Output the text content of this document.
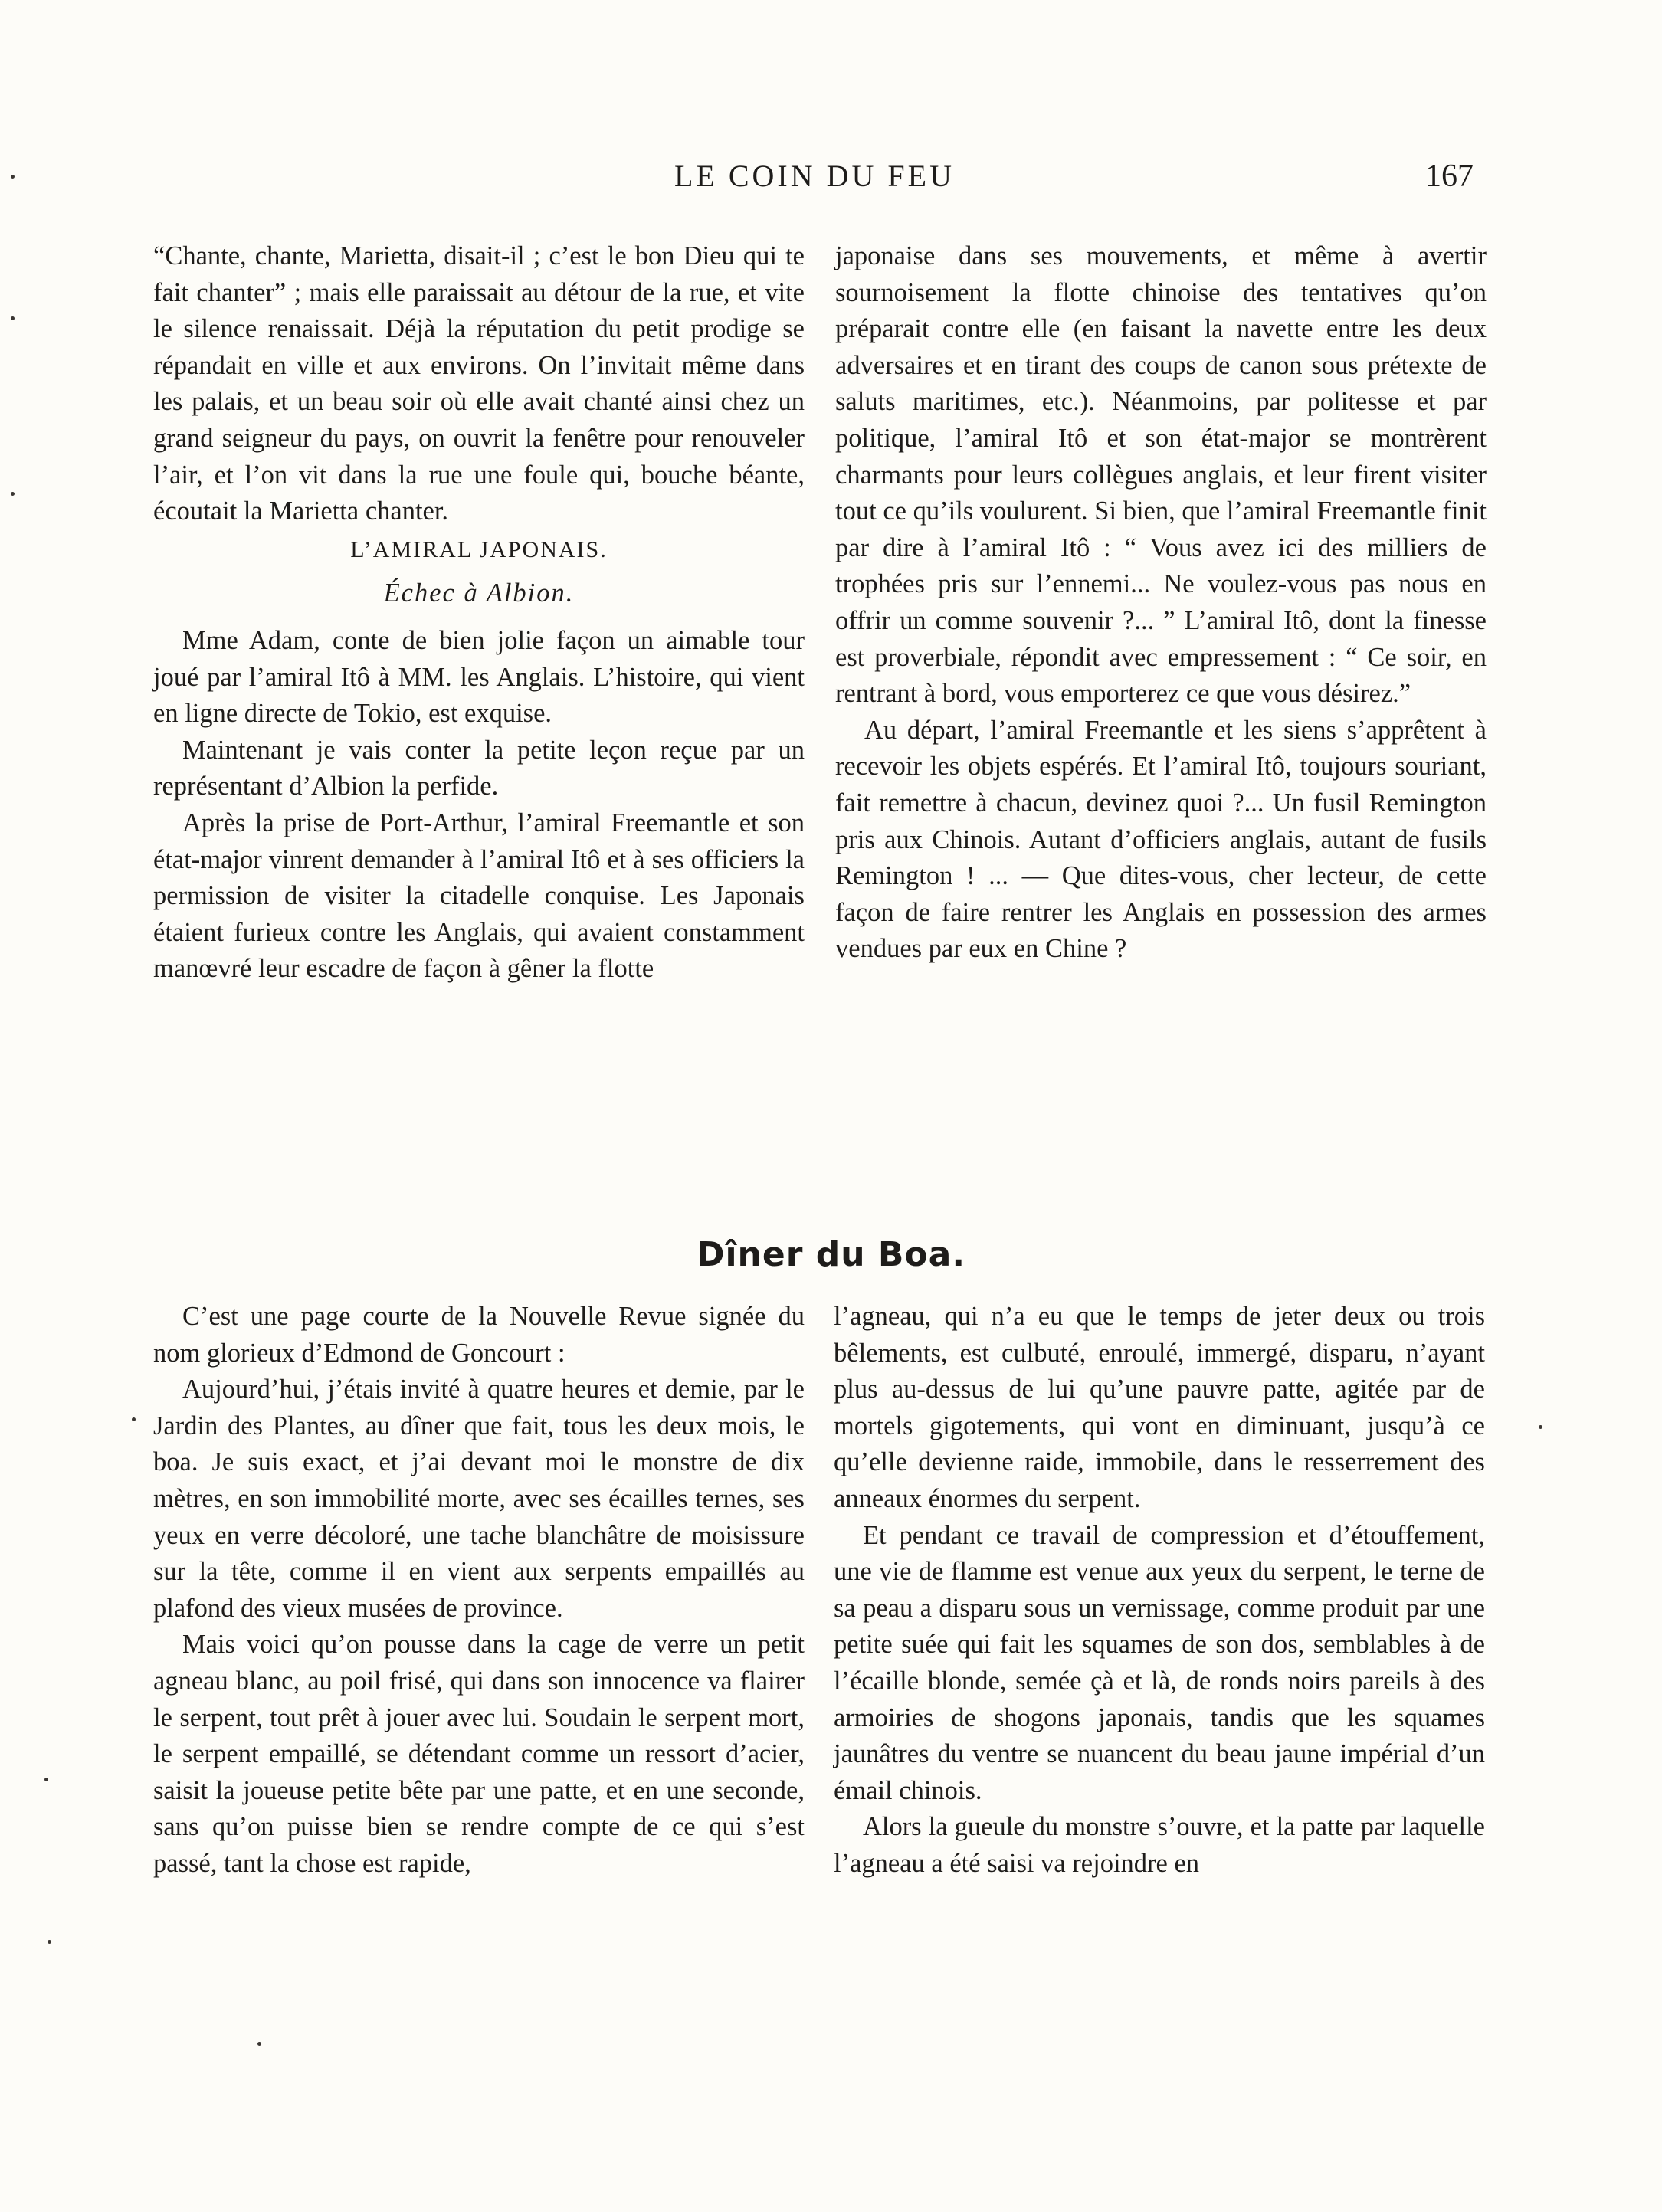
LE COIN DU FEU	167

“Chante, chante, Marietta, disait-il ; c’est le bon Dieu qui te fait chanter” ; mais elle paraissait au détour de la rue, et vite le silence renaissait. Déjà la réputation du petit prodige se répandait en ville et aux environs. On l’invitait même dans les palais, et un beau soir où elle avait chanté ainsi chez un grand seigneur du pays, on ouvrit la fenêtre pour renouveler l’air, et l’on vit dans la rue une foule qui, bouche béante, écoutait la Marietta chanter.

L’AMIRAL JAPONAIS.
Échec à Albion.

Mme Adam, conte de bien jolie façon un aimable tour joué par l’amiral Itô à MM. les Anglais. L’histoire, qui vient en ligne directe de Tokio, est exquise.

Maintenant je vais conter la petite leçon reçue par un représentant d’Albion la perfide.

Après la prise de Port-Arthur, l’amiral Freemantle et son état-major vinrent demander à l’amiral Itô et à ses officiers la permission de visiter la citadelle conquise. Les Japonais étaient furieux contre les Anglais, qui avaient constamment manœvré leur escadre de façon à gêner la flotte

japonaise dans ses mouvements, et même à avertir sournoisement la flotte chinoise des tentatives qu’on préparait contre elle (en faisant la navette entre les deux adversaires et en tirant des coups de canon sous prétexte de saluts maritimes, etc.). Néanmoins, par politesse et par politique, l’amiral Itô et son état-major se montrèrent charmants pour leurs collègues anglais, et leur firent visiter tout ce qu’ils voulurent. Si bien, que l’amiral Freemantle finit par dire à l’amiral Itô : “ Vous avez ici des milliers de trophées pris sur l’ennemi... Ne voulez-vous pas nous en offrir un comme souvenir ?... ” L’amiral Itô, dont la finesse est proverbiale, répondit avec empressement : “ Ce soir, en rentrant à bord, vous emporterez ce que vous désirez.”

Au départ, l’amiral Freemantle et les siens s’apprêtent à recevoir les objets espérés. Et l’amiral Itô, toujours souriant, fait remettre à chacun, devinez quoi ?... Un fusil Remington pris aux Chinois. Autant d’officiers anglais, autant de fusils Remington ! ... — Que dites-vous, cher lecteur, de cette façon de faire rentrer les Anglais en possession des armes vendues par eux en Chine ?

Dîner du Boa.

C’est une page courte de la Nouvelle Revue signée du nom glorieux d’Edmond de Goncourt :

Aujourd’hui, j’étais invité à quatre heures et demie, par le Jardin des Plantes, au dîner que fait, tous les deux mois, le boa. Je suis exact, et j’ai devant moi le monstre de dix mètres, en son immobilité morte, avec ses écailles ternes, ses yeux en verre décoloré, une tache blanchâtre de moisissure sur la tête, comme il en vient aux serpents empaillés au plafond des vieux musées de province.

Mais voici qu’on pousse dans la cage de verre un petit agneau blanc, au poil frisé, qui dans son innocence va flairer le serpent, tout prêt à jouer avec lui. Soudain le serpent mort, le serpent empaillé, se détendant comme un ressort d’acier, saisit la joueuse petite bête par une patte, et en une seconde, sans qu’on puisse bien se rendre compte de ce qui s’est passé, tant la chose est rapide,

l’agneau, qui n’a eu que le temps de jeter deux ou trois bêlements, est culbuté, enroulé, immergé, disparu, n’ayant plus au-dessus de lui qu’une pauvre patte, agitée par de mortels gigotements, qui vont en diminuant, jusqu’à ce qu’elle devienne raide, immobile, dans le resserrement des anneaux énormes du serpent.

Et pendant ce travail de compression et d’étouffement, une vie de flamme est venue aux yeux du serpent, le terne de sa peau a disparu sous un vernissage, comme produit par une petite suée qui fait les squames de son dos, semblables à de l’écaille blonde, semée çà et là, de ronds noirs pareils à des armoiries de shogons japonais, tandis que les squames jaunâtres du ventre se nuancent du beau jaune impérial d’un émail chinois.

Alors la gueule du monstre s’ouvre, et la patte par laquelle l’agneau a été saisi va rejoindre en
